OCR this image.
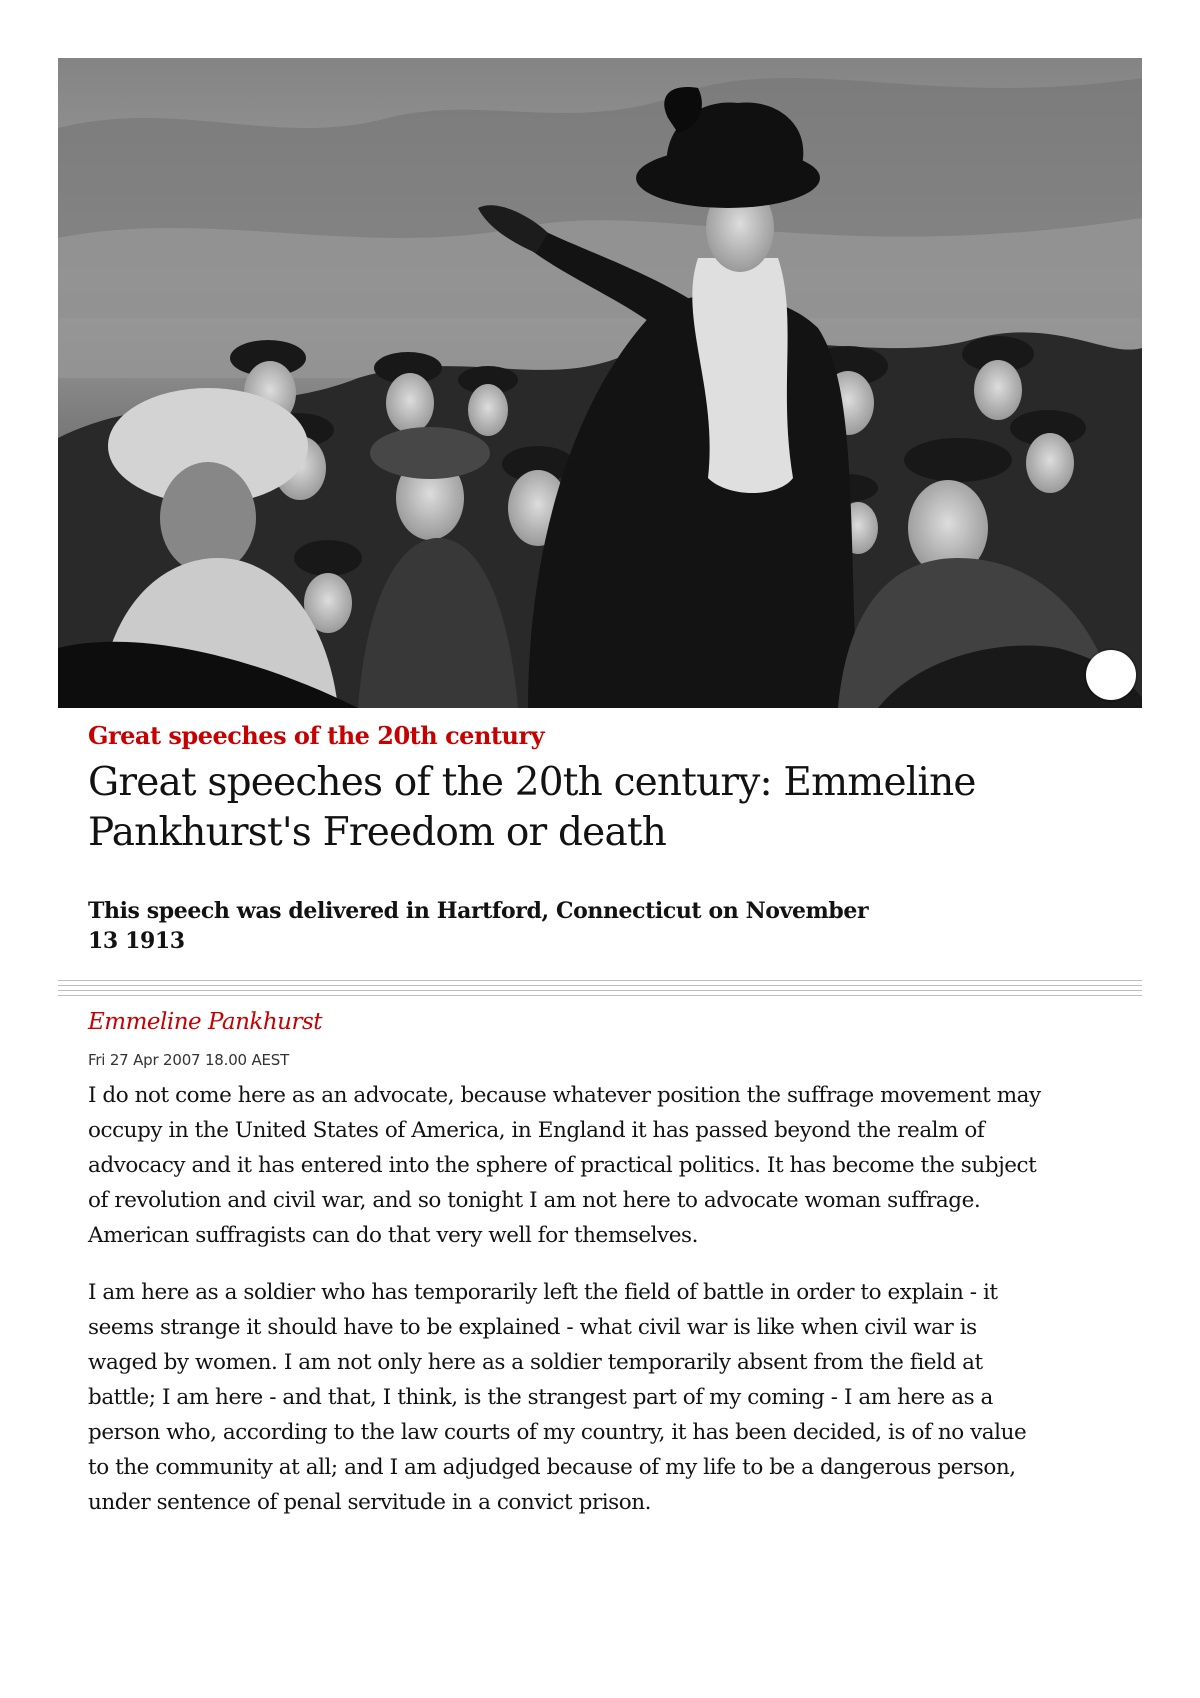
Great speeches of the 20th century
Great speeches of the 20th century: Emmeline Pankhurst's Freedom or death
This speech was delivered in Hartford, Connecticut on November 13 1913
Emmeline Pankhurst
Fri 27 Apr 2007 18.00 AEST

I do not come here as an advocate, because whatever position the suffrage movement may occupy in the United States of America, in England it has passed beyond the realm of advocacy and it has entered into the sphere of practical politics. It has become the subject of revolution and civil war, and so tonight I am not here to advocate woman suffrage. American suffragists can do that very well for themselves.

I am here as a soldier who has temporarily left the field of battle in order to explain - it seems strange it should have to be explained - what civil war is like when civil war is waged by women. I am not only here as a soldier temporarily absent from the field at battle; I am here - and that, I think, is the strangest part of my coming - I am here as a person who, according to the law courts of my country, it has been decided, is of no value to the community at all; and I am adjudged because of my life to be a dangerous person, under sentence of penal servitude in a convict prison.
